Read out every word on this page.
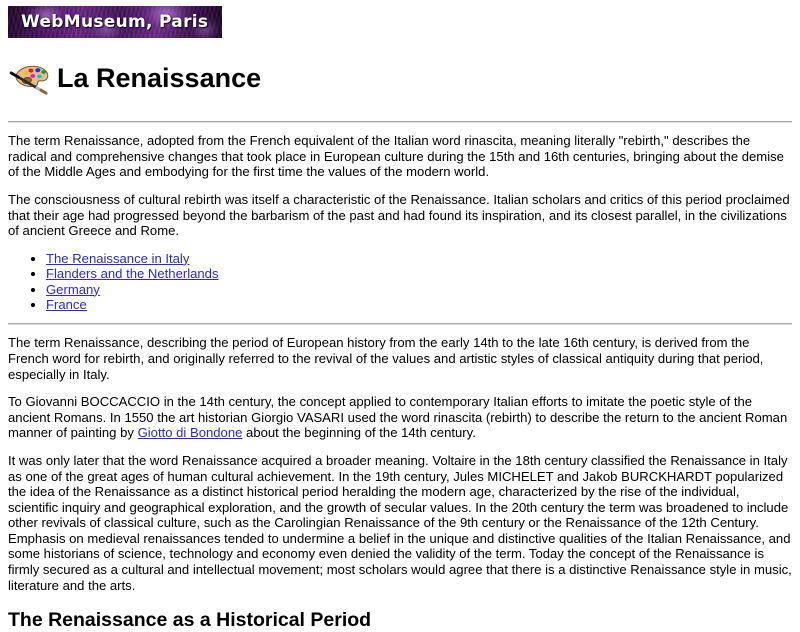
WebMuseum, Paris
La Renaissance

The term Renaissance, adopted from the French equivalent of the Italian word rinascita, meaning literally "rebirth," describes the radical and comprehensive changes that took place in European culture during the 15th and 16th centuries, bringing about the demise of the Middle Ages and embodying for the first time the values of the modern world.

The consciousness of cultural rebirth was itself a characteristic of the Renaissance. Italian scholars and critics of this period proclaimed that their age had progressed beyond the barbarism of the past and had found its inspiration, and its closest parallel, in the civilizations of ancient Greece and Rome.

• The Renaissance in Italy
• Flanders and the Netherlands
• Germany
• France

The term Renaissance, describing the period of European history from the early 14th to the late 16th century, is derived from the French word for rebirth, and originally referred to the revival of the values and artistic styles of classical antiquity during that period, especially in Italy.

To Giovanni BOCCACCIO in the 14th century, the concept applied to contemporary Italian efforts to imitate the poetic style of the ancient Romans. In 1550 the art historian Giorgio VASARI used the word rinascita (rebirth) to describe the return to the ancient Roman manner of painting by Giotto di Bondone about the beginning of the 14th century.

It was only later that the word Renaissance acquired a broader meaning. Voltaire in the 18th century classified the Renaissance in Italy as one of the great ages of human cultural achievement. In the 19th century, Jules MICHELET and Jakob BURCKHARDT popularized the idea of the Renaissance as a distinct historical period heralding the modern age, characterized by the rise of the individual, scientific inquiry and geographical exploration, and the growth of secular values. In the 20th century the term was broadened to include other revivals of classical culture, such as the Carolingian Renaissance of the 9th century or the Renaissance of the 12th Century. Emphasis on medieval renaissances tended to undermine a belief in the unique and distinctive qualities of the Italian Renaissance, and some historians of science, technology and economy even denied the validity of the term. Today the concept of the Renaissance is firmly secured as a cultural and intellectual movement; most scholars would agree that there is a distinctive Renaissance style in music, literature and the arts.

The Renaissance as a Historical Period
